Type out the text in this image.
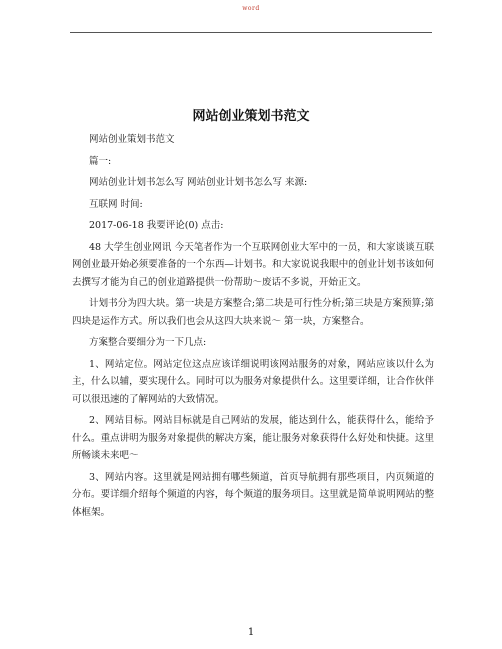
word
网站创业策划书范文

网站创业策划书范文

篇一:

网站创业计划书怎么写 网站创业计划书怎么写 来源:

互联网 时间:

2017-06-18 我要评论(0) 点击:

48 大学生创业网讯 今天笔者作为一个互联网创业大军中的一员，和大家谈谈互联网创业最开始必须要准备的一个东西—计划书。和大家说说我眼中的创业计划书该如何去撰写才能为自己的创业道路提供一份帮助～废话不多说，开始正文。

计划书分为四大块。第一块是方案整合;第二块是可行性分析;第三块是方案预算;第四块是运作方式。所以我们也会从这四大块来说～ 第一块，方案整合。

方案整合要细分为一下几点:

1、网站定位。网站定位这点应该详细说明该网站服务的对象，网站应该以什么为主，什么以辅，要实现什么。同时可以为服务对象提供什么。这里要详细，让合作伙伴可以很迅速的了解网站的大致情况。

2、网站目标。网站目标就是自己网站的发展，能达到什么，能获得什么，能给予什么。重点讲明为服务对象提供的解决方案，能让服务对象获得什么好处和快捷。这里所畅谈未来吧～

3、网站内容。这里就是网站拥有哪些频道，首页导航拥有那些项目，内页频道的分布。要详细介绍每个频道的内容，每个频道的服务项目。这里就是简单说明网站的整体框架。

1
